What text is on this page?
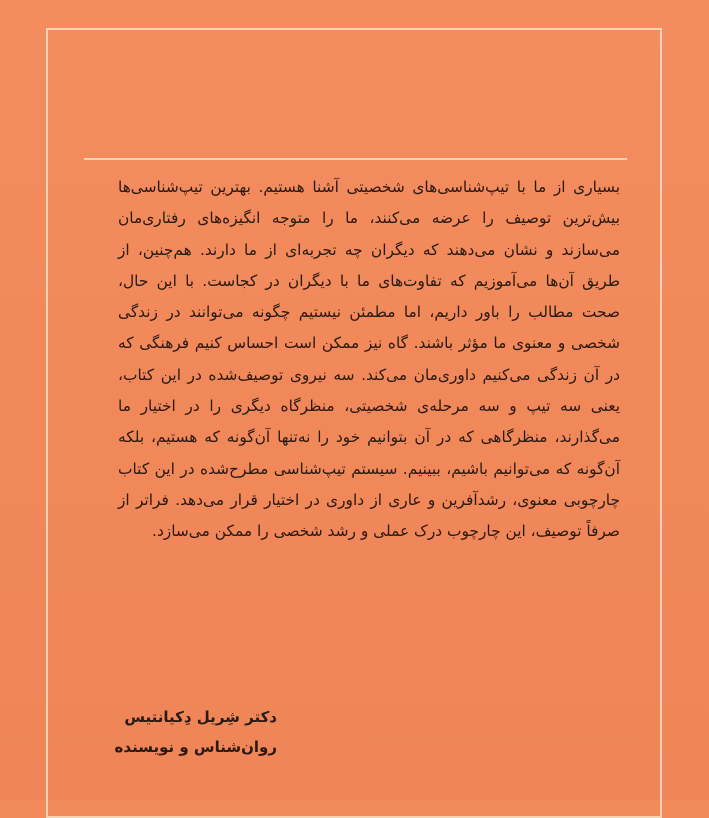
بسیاری از ما با تیپ‌شناسی‌های شخصیتی آشنا هستیم. بهترین تیپ‌شناسی‌ها بیش‌ترین توصیف را عرضه می‌کنند، ما را متوجه انگیزه‌های رفتاری‌مان می‌سازند و نشان می‌دهند که دیگران چه تجربه‌ای از ما دارند. هم‌چنین، از طریق آن‌ها می‌آموزیم که تفاوت‌های ما با دیگران در کجاست. با این حال، صحت مطالب را باور داریم، اما مطمئن نیستیم چگونه می‌توانند در زندگی شخصی و معنوی ما مؤثر باشند. گاه نیز ممکن است احساس کنیم فرهنگی که در آن زندگی می‌کنیم داوری‌مان می‌کند. سه نیروی توصیف‌شده در این کتاب، یعنی سه تیپ و سه مرحله‌ی شخصیتی، منظرگاه دیگری را در اختیار ما می‌گذارند، منظرگاهی که در آن بتوانیم خود را نه‌تنها آن‌گونه که هستیم، بلکه آن‌گونه که می‌توانیم باشیم، ببینیم. سیستم تیپ‌شناسی مطرح‌شده در این کتاب چارچوبی معنوی، رشدآفرین و عاری از داوری در اختیار قرار می‌دهد. فراتر از صرفاً توصیف، این چارچوب درک عملی و رشد شخصی را ممکن می‌سازد.

دکتر شِریل دِکیانتیس
روان‌شناس و نویسنده
